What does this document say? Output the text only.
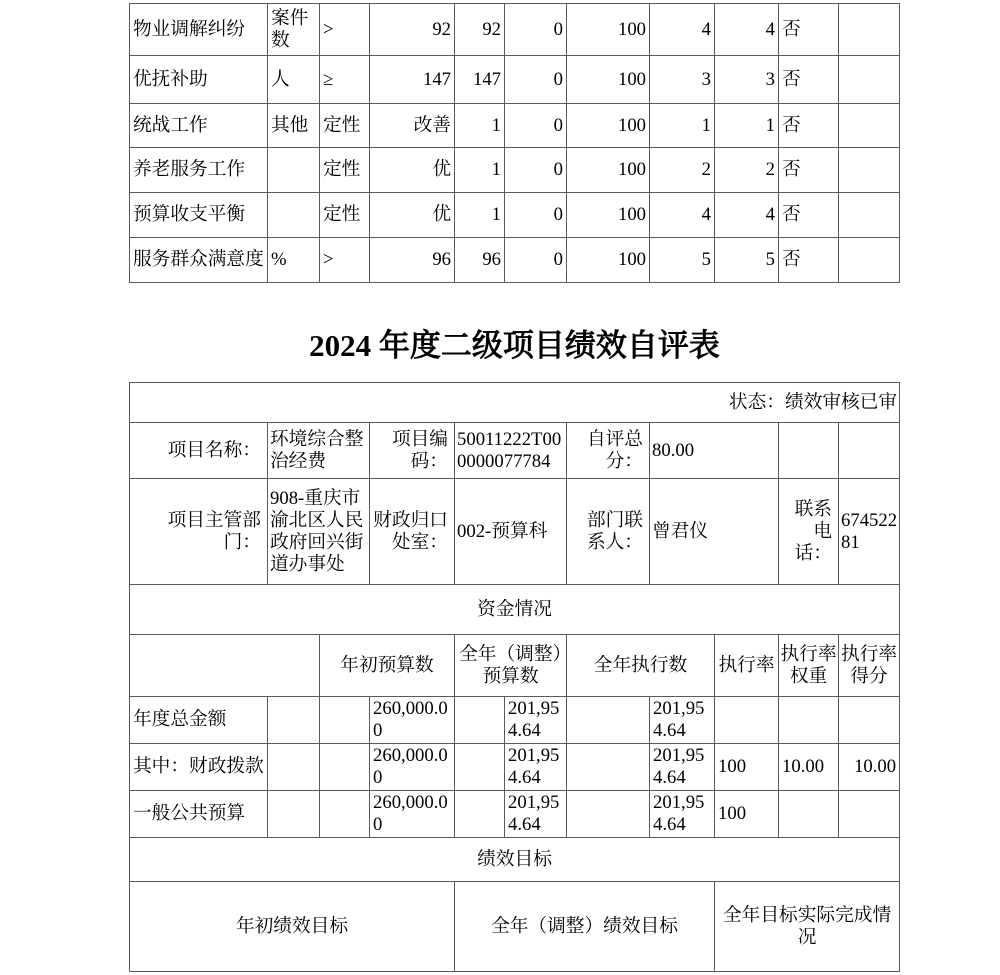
物业调解纠纷	案件数	>	92	92	0	100	4	4	否	
优抚补助	人	≥	147	147	0	100	3	3	否	
统战工作	其他	定性	改善	1	0	100	1	1	否	
养老服务工作		定性	优	1	0	100	2	2	否	
预算收支平衡		定性	优	1	0	100	4	4	否	
服务群众满意度	%	>	96	96	0	100	5	5	否	
2024 年度二级项目绩效自评表
状态：绩效审核已审										
项目名称：	环境综合整治经费		项目编码：	50011222T000000077784		自评总分：	80.00			
项目主管部门：	908-重庆市渝北区人民政府回兴街道办事处		财政归口处室：	002-预算科		部门联系人：	曾君仪		联系电话：	67452281
资金情况										
		年初预算数		全年（调整）预算数		全年执行数		执行率	执行率权重	执行率得分
年度总金额			260,000.00		201,954.64		201,954.64			
其中：财政拨款			260,000.00		201,954.64		201,954.64	100	10.00	10.00
一般公共预算			260,000.00		201,954.64		201,954.64	100		
绩效目标										
年初绩效目标				全年（调整）绩效目标				全年目标实际完成情况		
